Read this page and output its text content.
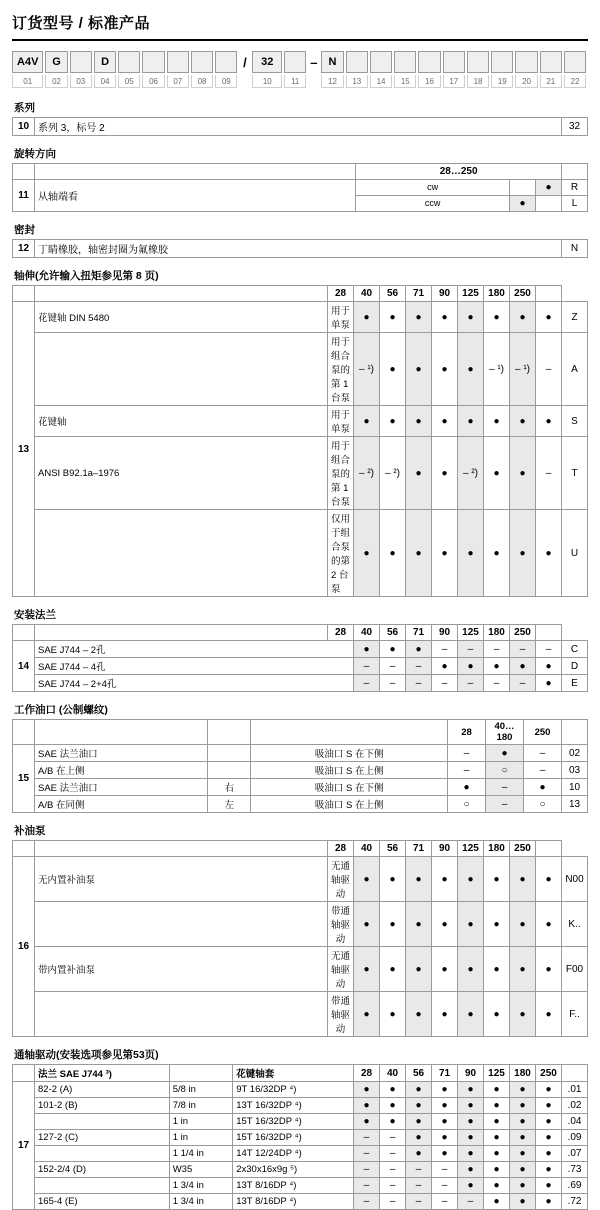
订货型号 / 标准产品
A4V	G	D	/	32	–	N
01	02	03	04	05	06	07	08	09	10	11	12	13	14	15	16	17	18	19	20	21	22
系列
10	系列 3，标号 2	32
旋转方向
		28…250			
11	从轴端看	cw		●	R
		ccw	●		L
密封
12	丁睛橡胶，轴密封圈为氟橡胶	N
轴伸(允许输入扭矩参见第 8 页)
		28	40	56	71	90	125	180	250		
13	花键轴 DIN 5480	用于单泵	●	●	●	●	●	●	●	●	Z
		用于组合泵的第 1 台泵	– ¹)	●	●	●	●	– ¹)	– ¹)	–	A
	花键轴	用于单泵	●	●	●	●	●	●	●	●	S
	ANSI B92.1a–1976	用于组合泵的第 1 台泵	– ²)	– ²)	●	●	– ²)	●	●	–	T
		仅用于组合泵的第 2 台泵	●	●	●	●	●	●	●	●	U
安装法兰
		28	40	56	71	90	125	180	250		
14	SAE J744 – 2孔		●	●	●	–	–	–	–	–	C
	SAE J744 – 4孔		–	–	–	●	●	●	●	●	D
	SAE J744 – 2+4孔		–	–	–	–	–	–	–	●	E
工作油口 (公制螺纹)
				28	40…180	250	
15	SAE 法兰油口		吸油口 S 在下侧	–	●	–	02
	A/B 在上侧		吸油口 S 在上侧	–	○	–	03
	SAE 法兰油口	右	吸油口 S 在下侧	●	–	●	10
	A/B 在同侧	左	吸油口 S 在上侧	○	–	○	13
补油泵
		28	40	56	71	90	125	180	250		
16	无内置补油泵	无通轴驱动	●	●	●	●	●	●	●	●	N00
		带通轴驱动	●	●	●	●	●	●	●	●	K..
	带内置补油泵	无通轴驱动	●	●	●	●	●	●	●	●	F00
		带通轴驱动	●	●	●	●	●	●	●	●	F..
通轴驱动(安装选项参见第53页)
	法兰 SAE J744 ³)		花键轴套	28	40	56	71	90	125	180	250	
17	82-2 (A)	5/8 in	9T 16/32DP ⁴)	●	●	●	●	●	●	●	●	.01
	101-2 (B)	7/8 in	13T 16/32DP ⁴)	●	●	●	●	●	●	●	●	.02
		1 in	15T 16/32DP ⁴)	●	●	●	●	●	●	●	●	.04
	127-2 (C)	1 in	15T 16/32DP ⁴)	–	–	●	●	●	●	●	●	.09
		1 1/4 in	14T 12/24DP ⁴)	–	–	●	●	●	●	●	●	.07
	152-2/4 (D)	W35	2x30x16x9g ⁵)	–	–	–	–	●	●	●	●	.73
		1 3/4 in	13T 8/16DP ⁴)	–	–	–	–	●	●	●	●	.69
	165-4 (E)	1 3/4 in	13T 8/16DP ⁴)	–	–	–	–	–	●	●	●	.72
